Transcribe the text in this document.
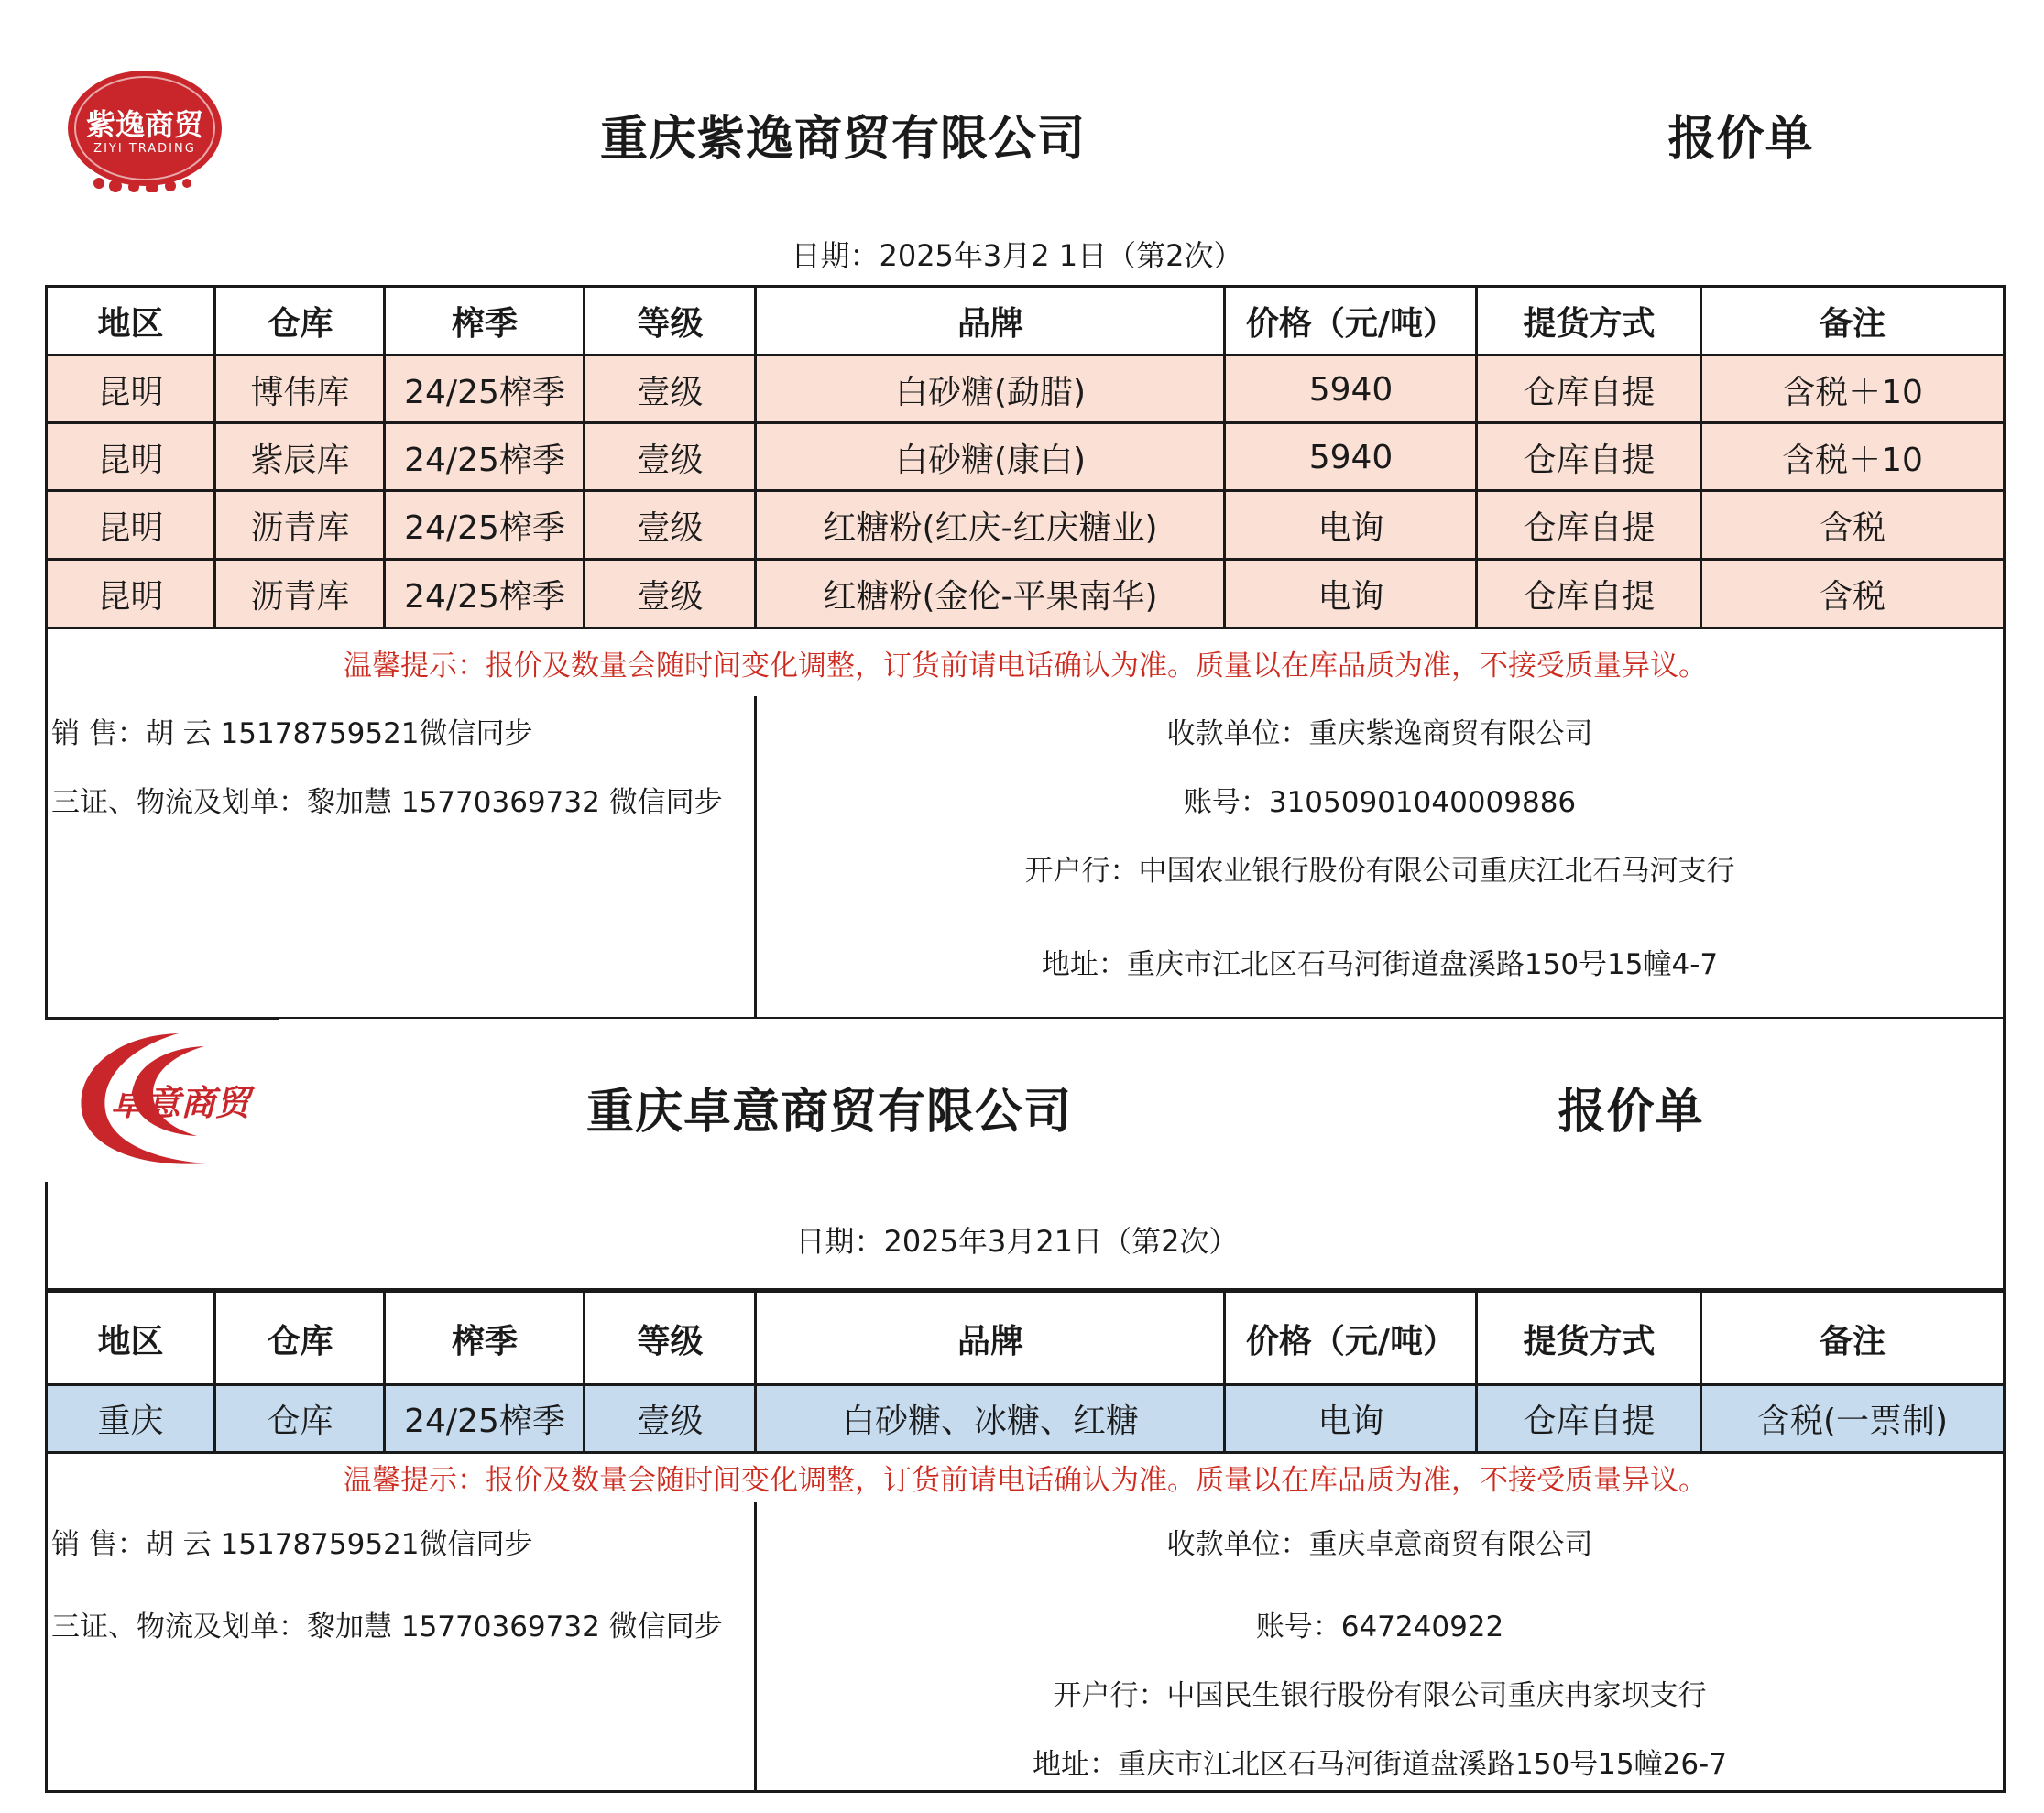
紫逸商贸
ZIYI TRADING	重庆紫逸商贸有限公司	报价单
日期：2025年3月2 1日（第2次）
地区	仓库	榨季	等级	品牌	价格（元/吨）	提货方式	备注
昆明	博伟库	24/25榨季	壹级	白砂糖(勐腊)	5940	仓库自提	含税＋10
昆明	紫辰库	24/25榨季	壹级	白砂糖(康白)	5940	仓库自提	含税＋10
昆明	沥青库	24/25榨季	壹级	红糖粉(红庆-红庆糖业)	电询	仓库自提	含税
昆明	沥青库	24/25榨季	壹级	红糖粉(金伦-平果南华)	电询	仓库自提	含税
温馨提示：报价及数量会随时间变化调整，订货前请电话确认为准。质量以在库品质为准，不接受质量异议。
销 售：胡 云 15178759521微信同步
三证、物流及划单：黎加慧 15770369732 微信同步
收款单位：重庆紫逸商贸有限公司
账号：31050901040009886
开户行：中国农业银行股份有限公司重庆江北石马河支行
地址：重庆市江北区石马河街道盘溪路150号15幢4-7
卓意商贸	重庆卓意商贸有限公司	报价单
日期：2025年3月21日（第2次）
地区	仓库	榨季	等级	品牌	价格（元/吨）	提货方式	备注
重庆	仓库	24/25榨季	壹级	白砂糖、冰糖、红糖	电询	仓库自提	含税(一票制)
温馨提示：报价及数量会随时间变化调整，订货前请电话确认为准。质量以在库品质为准，不接受质量异议。
销 售：胡 云 15178759521微信同步
三证、物流及划单：黎加慧 15770369732 微信同步
收款单位：重庆卓意商贸有限公司
账号：647240922
开户行：中国民生银行股份有限公司重庆冉家坝支行
地址：重庆市江北区石马河街道盘溪路150号15幢26-7
